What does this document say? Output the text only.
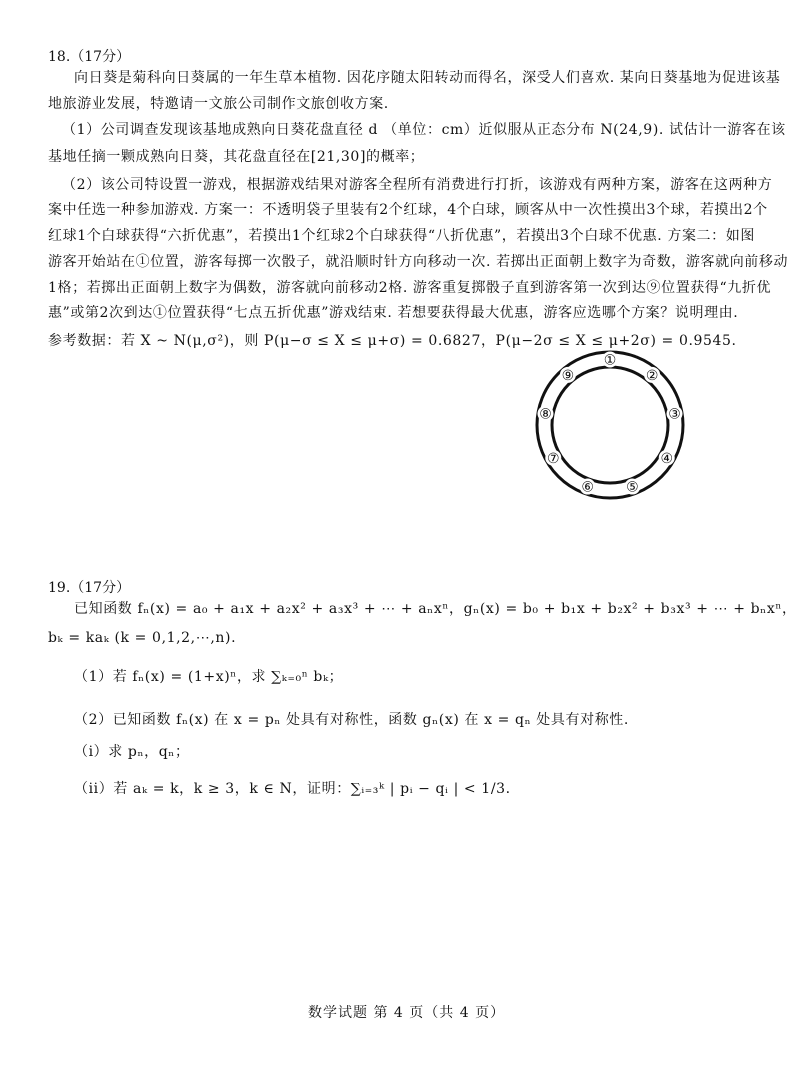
18.（17分）
向日葵是菊科向日葵属的一年生草本植物. 因花序随太阳转动而得名，深受人们喜欢. 某向日葵基地为促进该基
地旅游业发展，特邀请一文旅公司制作文旅创收方案.
（1）公司调查发现该基地成熟向日葵花盘直径 d （单位：cm）近似服从正态分布 N(24,9). 试估计一游客在该
基地任摘一颗成熟向日葵，其花盘直径在[21,30]的概率；
（2）该公司特设置一游戏，根据游戏结果对游客全程所有消费进行打折，该游戏有两种方案，游客在这两种方
案中任选一种参加游戏. 方案一：不透明袋子里装有2个红球，4个白球，顾客从中一次性摸出3个球，若摸出2个
红球1个白球获得“六折优惠”，若摸出1个红球2个白球获得“八折优惠”，若摸出3个白球不优惠. 方案二：如图
游客开始站在①位置，游客每掷一次骰子，就沿顺时针方向移动一次. 若掷出正面朝上数字为奇数，游客就向前移动
1格；若掷出正面朝上数字为偶数，游客就向前移动2格. 游客重复掷骰子直到游客第一次到达⑨位置获得“九折优
惠”或第2次到达①位置获得“七点五折优惠”游戏结束. 若想要获得最大优惠，游客应选哪个方案？说明理由.
参考数据：若 X ~ N(μ,σ²)，则 P(μ−σ ≤ X ≤ μ+σ) = 0.6827，P(μ−2σ ≤ X ≤ μ+2σ) = 0.9545.
①
②
③
④
⑤
⑥
⑦
⑧
⑨
19.（17分）
已知函数 fₙ(x) = a₀ + a₁x + a₂x² + a₃x³ + ⋯ + aₙxⁿ，gₙ(x) = b₀ + b₁x + b₂x² + b₃x³ + ⋯ + bₙxⁿ，
bₖ = kaₖ (k = 0,1,2,⋯,n).
（1）若 fₙ(x) = (1+x)ⁿ，求 ∑ₖ₌₀ⁿ bₖ；
（2）已知函数 fₙ(x) 在 x = pₙ 处具有对称性，函数 gₙ(x) 在 x = qₙ 处具有对称性.
（i）求 pₙ，qₙ；
（ii）若 aₖ = k，k ≥ 3，k ∈ N，证明：∑ᵢ₌₃ᵏ | pᵢ − qᵢ | < 1/3.
数学试题 第 4 页（共 4 页）
